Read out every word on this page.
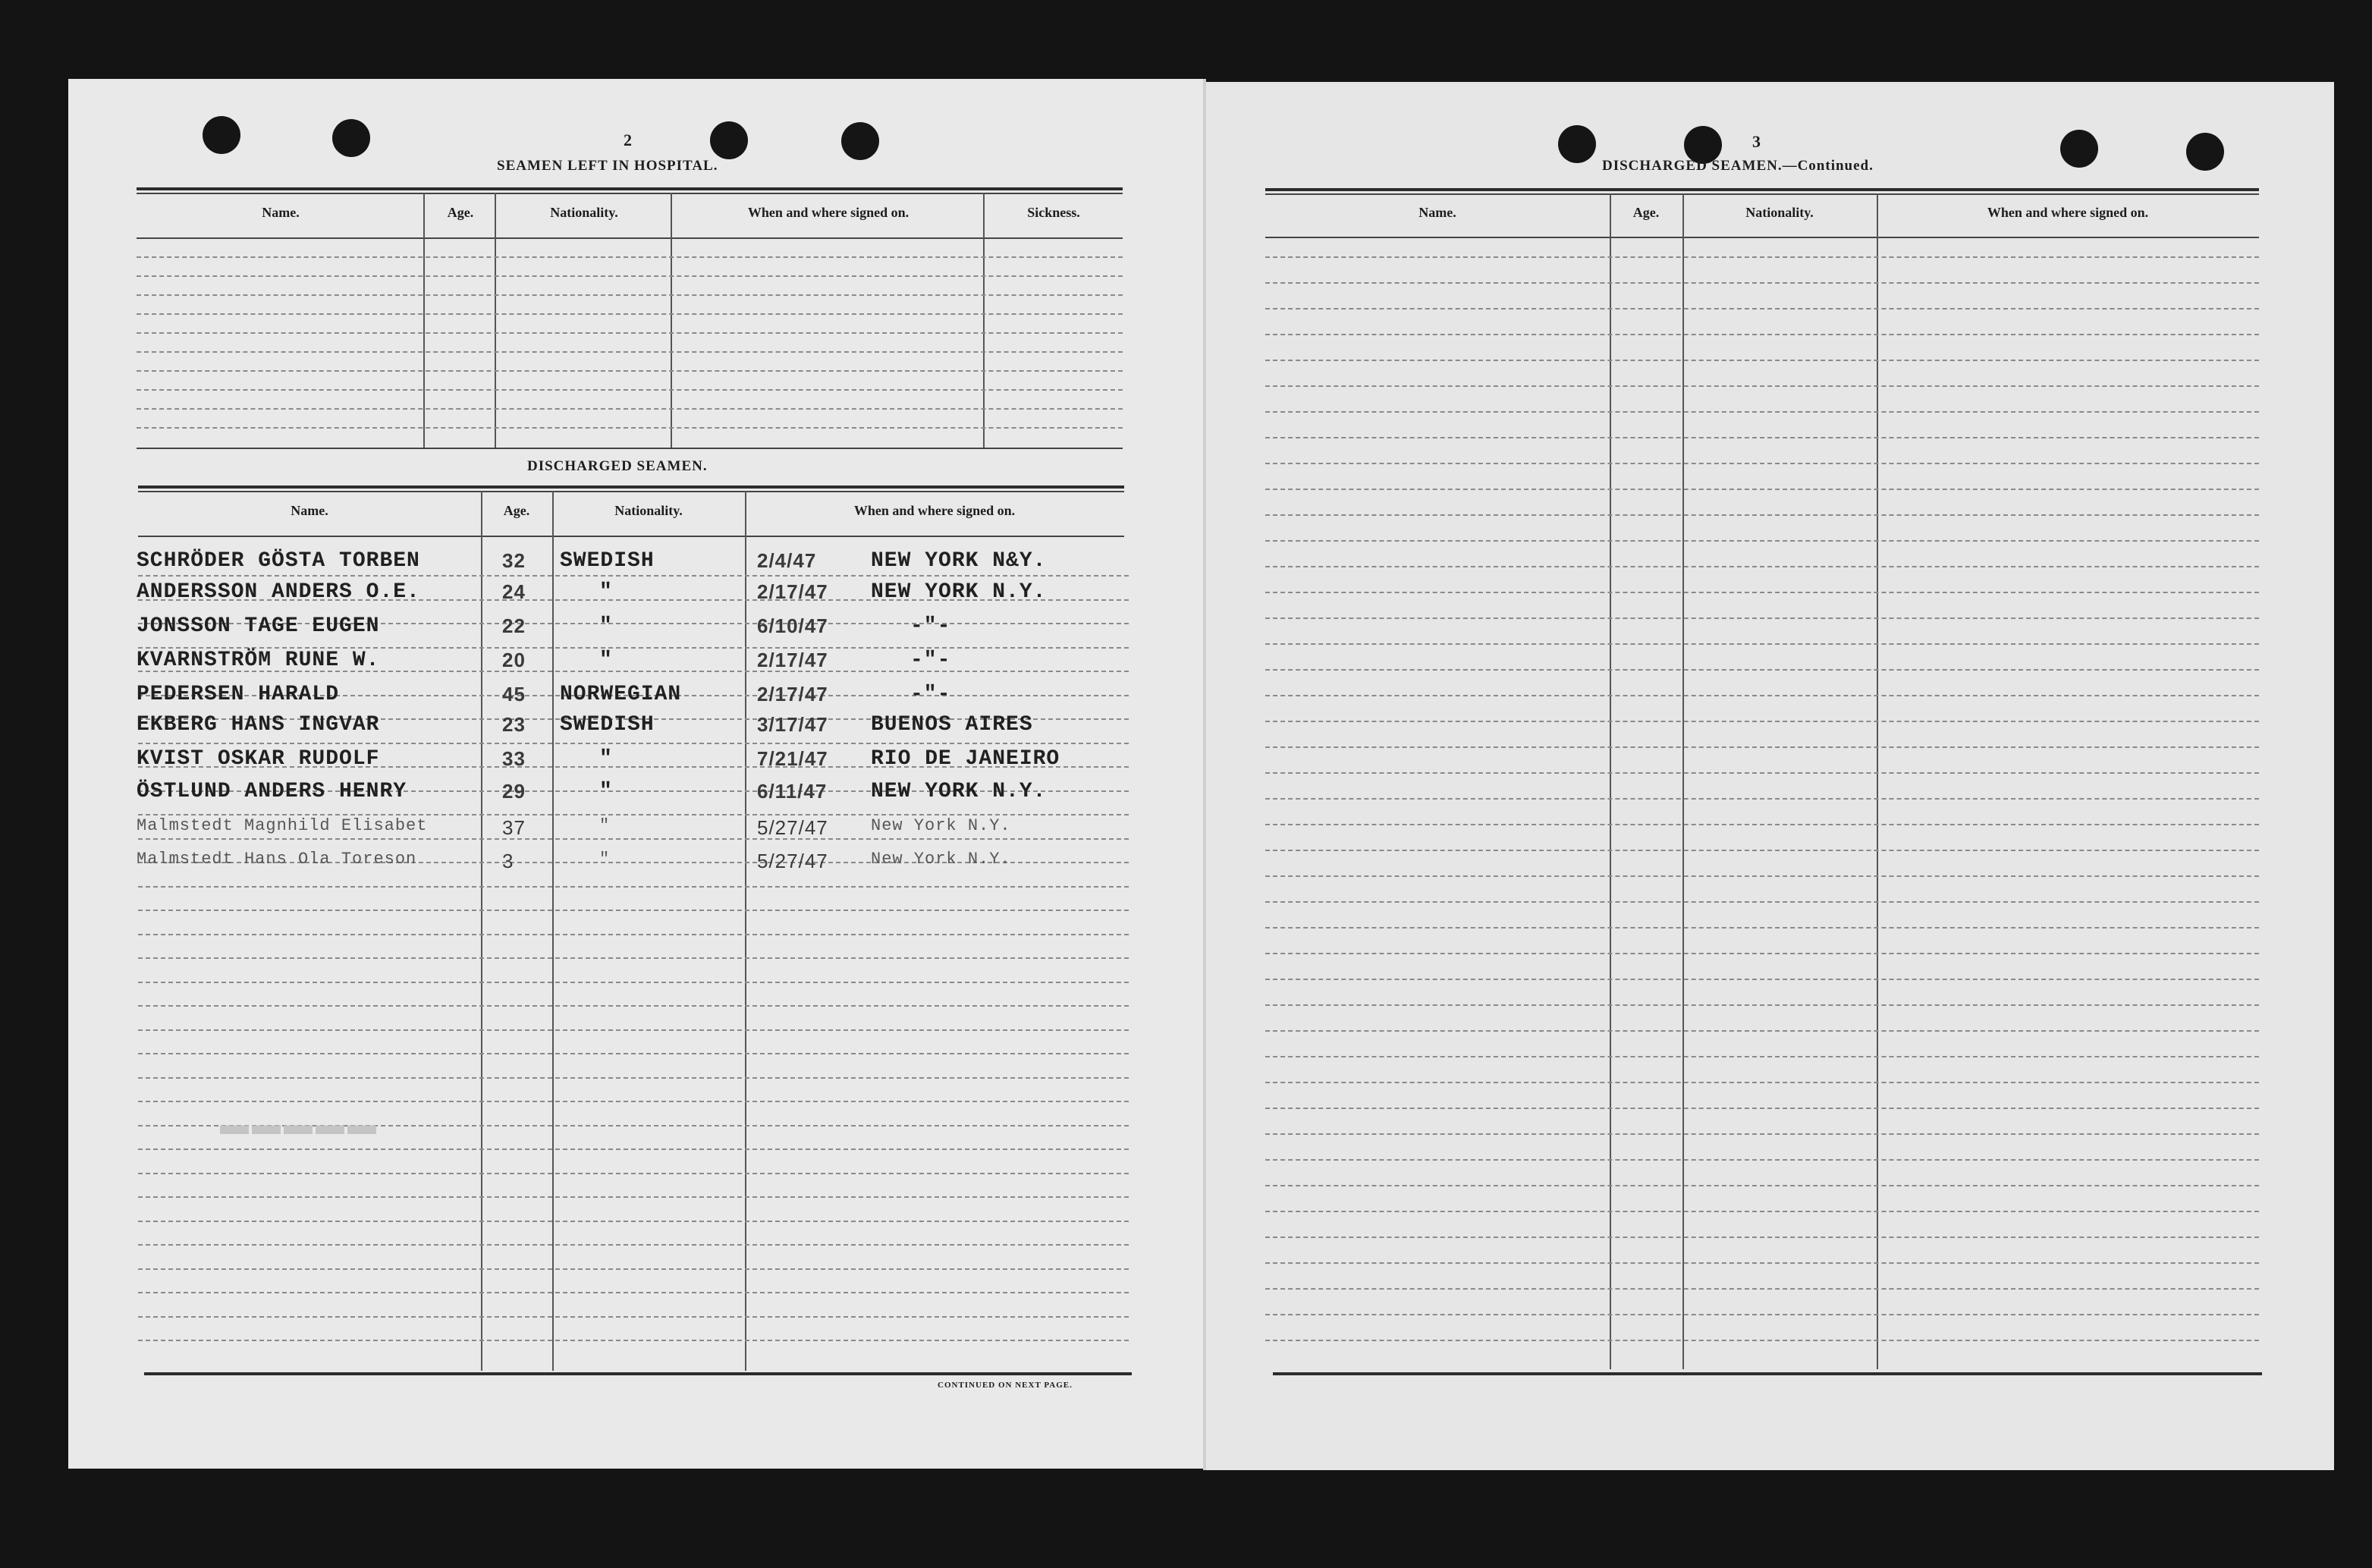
2
SEAMEN LEFT IN HOSPITAL.
Name.	Age.	Nationality.	When and where signed on.	Sickness.
DISCHARGED SEAMEN.
Name.	Age.	Nationality.	When and where signed on.
SCHRÖDER GÖSTA TORBEN	32 SWEDISH	2/4/47	NEW YORK N&Y.
ANDERSSON ANDERS O.E.	24	"	2/17/47 NEW YORK N.Y.
JONSSON TAGE EUGEN	22	"	6/10/47	-"-
KVARNSTRÖM RUNE W.	20	"	2/17/47	-"-
PEDERSEN HARALD	45 NORWEGIAN	2/17/47	-"-
EKBERG HANS INGVAR	23 SWEDISH	3/17/47 BUENOS AIRES
KVIST OSKAR RUDOLF	33	"	7/21/47 RIO DE JANEIRO
ÖSTLUND ANDERS HENRY	29	"	6/11/47 NEW YORK N.Y.
Malmstedt Magnhild Elisabet	37	"	5/27/47	New York N.Y.
Malmstedt Hans Ola Toreson	3	"	5/27/47	New York N.Y.
▬▬▬▬▬
CONTINUED ON NEXT PAGE.
3
DISCHARGED SEAMEN.—Continued.
Name.	Age.	Nationality.	When and where signed on.
